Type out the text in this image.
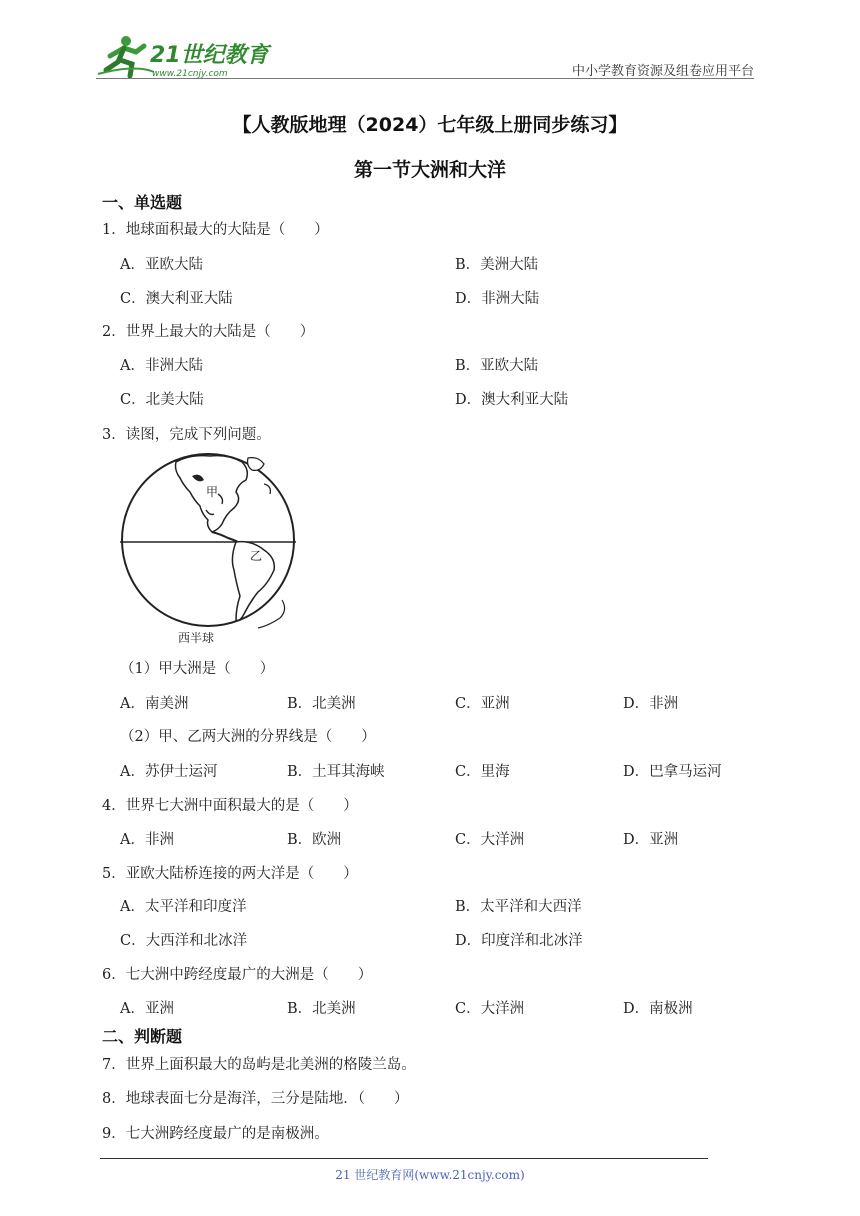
21世纪教育
www.21cnjy.com	中小学教育资源及组卷应用平台
【人教版地理（2024）七年级上册同步练习】
第一节大洲和大洋
一、单选题
1．地球面积最大的大陆是（　　）
A．亚欧大陆	B．美洲大陆
C．澳大利亚大陆	D．非洲大陆
2．世界上最大的大陆是（　　）
A．非洲大陆	B．亚欧大陆
C．北美大陆	D．澳大利亚大陆
3．读图，完成下列问题。
甲
乙
西半球
（1）甲大洲是（　　）
A．南美洲	B．北美洲	C．亚洲	D．非洲
（2）甲、乙两大洲的分界线是（　　）
A．苏伊士运河	B．土耳其海峡	C．里海	D．巴拿马运河
4．世界七大洲中面积最大的是（　　）
A．非洲	B．欧洲	C．大洋洲	D．亚洲
5．亚欧大陆桥连接的两大洋是（　　）
A．太平洋和印度洋	B．太平洋和大西洋
C．大西洋和北冰洋	D．印度洋和北冰洋
6．七大洲中跨经度最广的大洲是（　　）
A．亚洲	B．北美洲	C．大洋洲	D．南极洲
二、判断题
7．世界上面积最大的岛屿是北美洲的格陵兰岛。
8．地球表面七分是海洋，三分是陆地．（　　）
9．七大洲跨经度最广的是南极洲。
21 世纪教育网(www.21cnjy.com)
